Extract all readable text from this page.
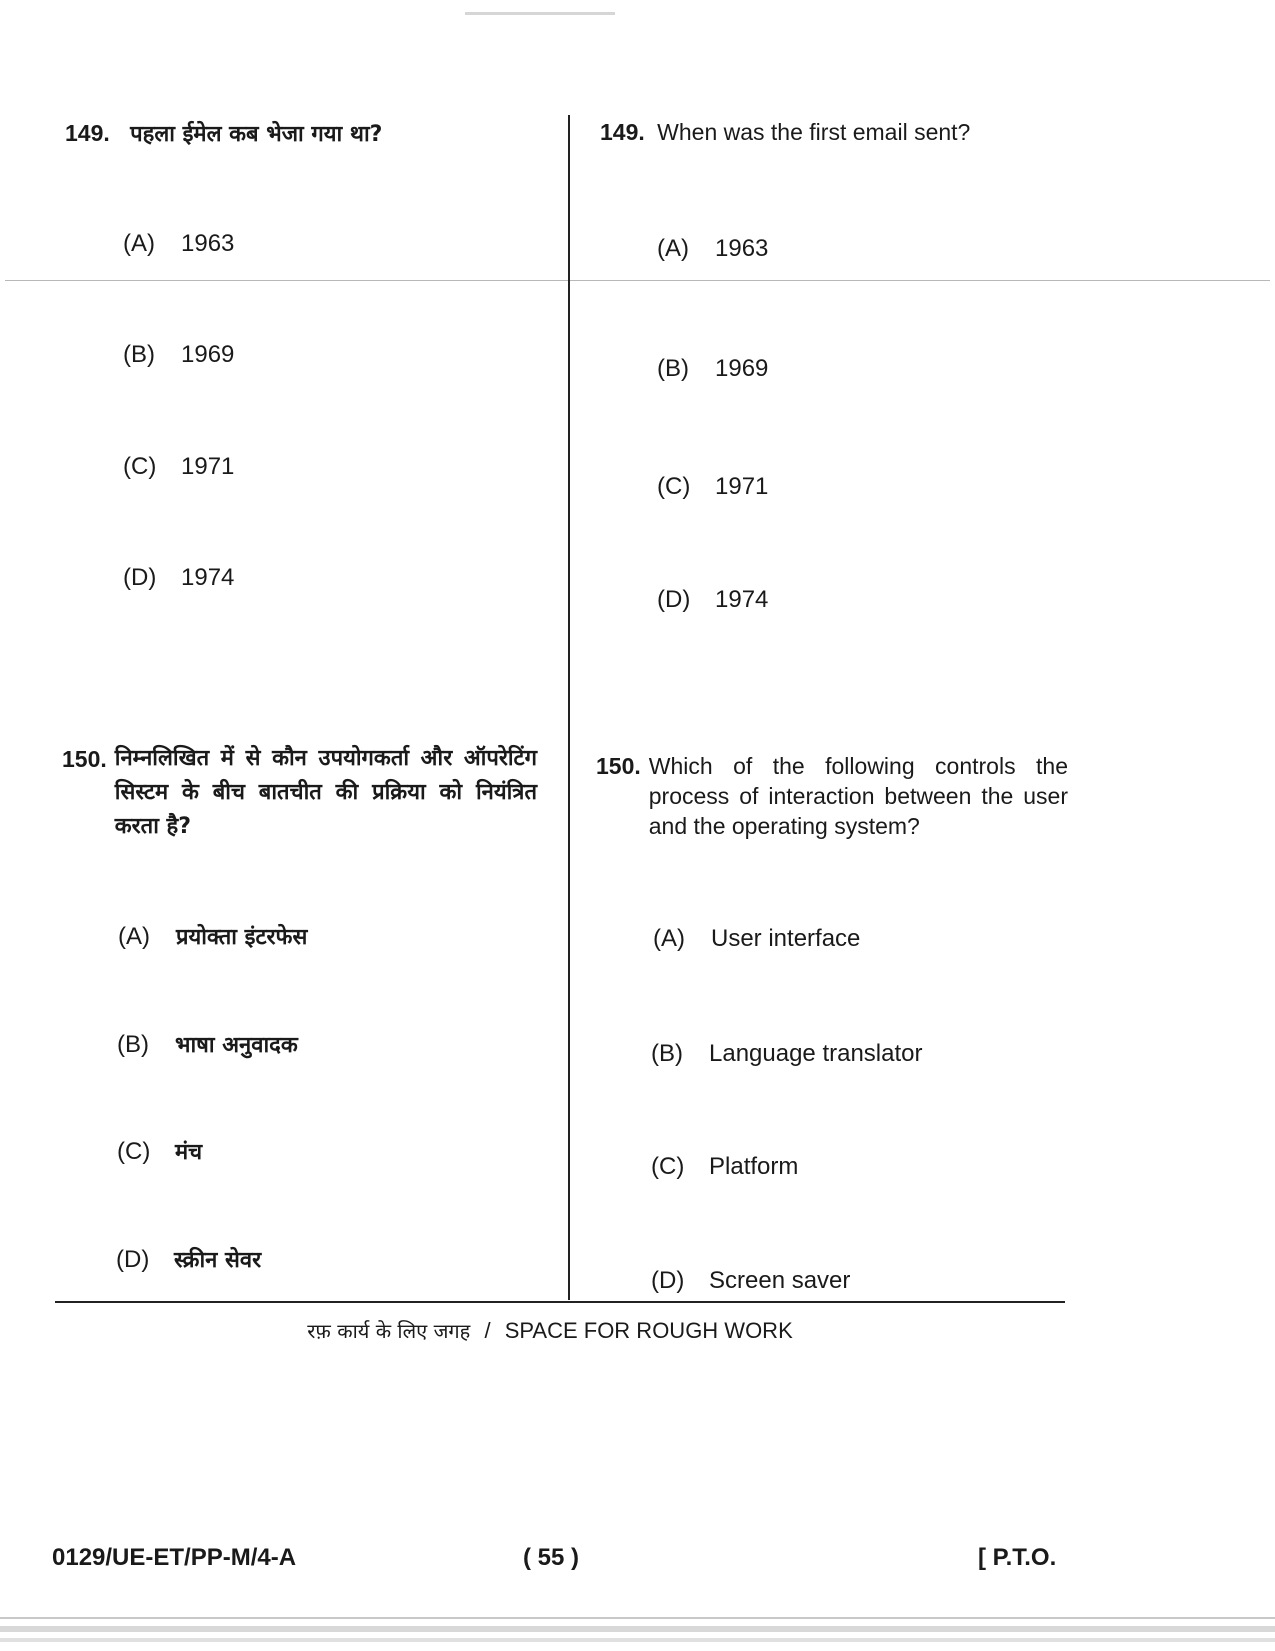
149. पहला ईमेल कब भेजा गया था?
(A) 1963
(B) 1969
(C) 1971
(D) 1974
150. निम्नलिखित में से कौन उपयोगकर्ता और ऑपरेटिंग सिस्टम के बीच बातचीत की प्रक्रिया को नियंत्रित करता है?
(A) प्रयोक्ता इंटरफेस
(B) भाषा अनुवादक
(C) मंच
(D) स्क्रीन सेवर
149. When was the first email sent?
(A) 1963
(B) 1969
(C) 1971
(D) 1974
150. Which of the following controls the process of interaction between the user and the operating system?
(A) User interface
(B) Language translator
(C) Platform
(D) Screen saver
रफ़ कार्य के लिए जगह / SPACE FOR ROUGH WORK
0129/UE-ET/PP-M/4-A	( 55 )	[ P.T.O.
